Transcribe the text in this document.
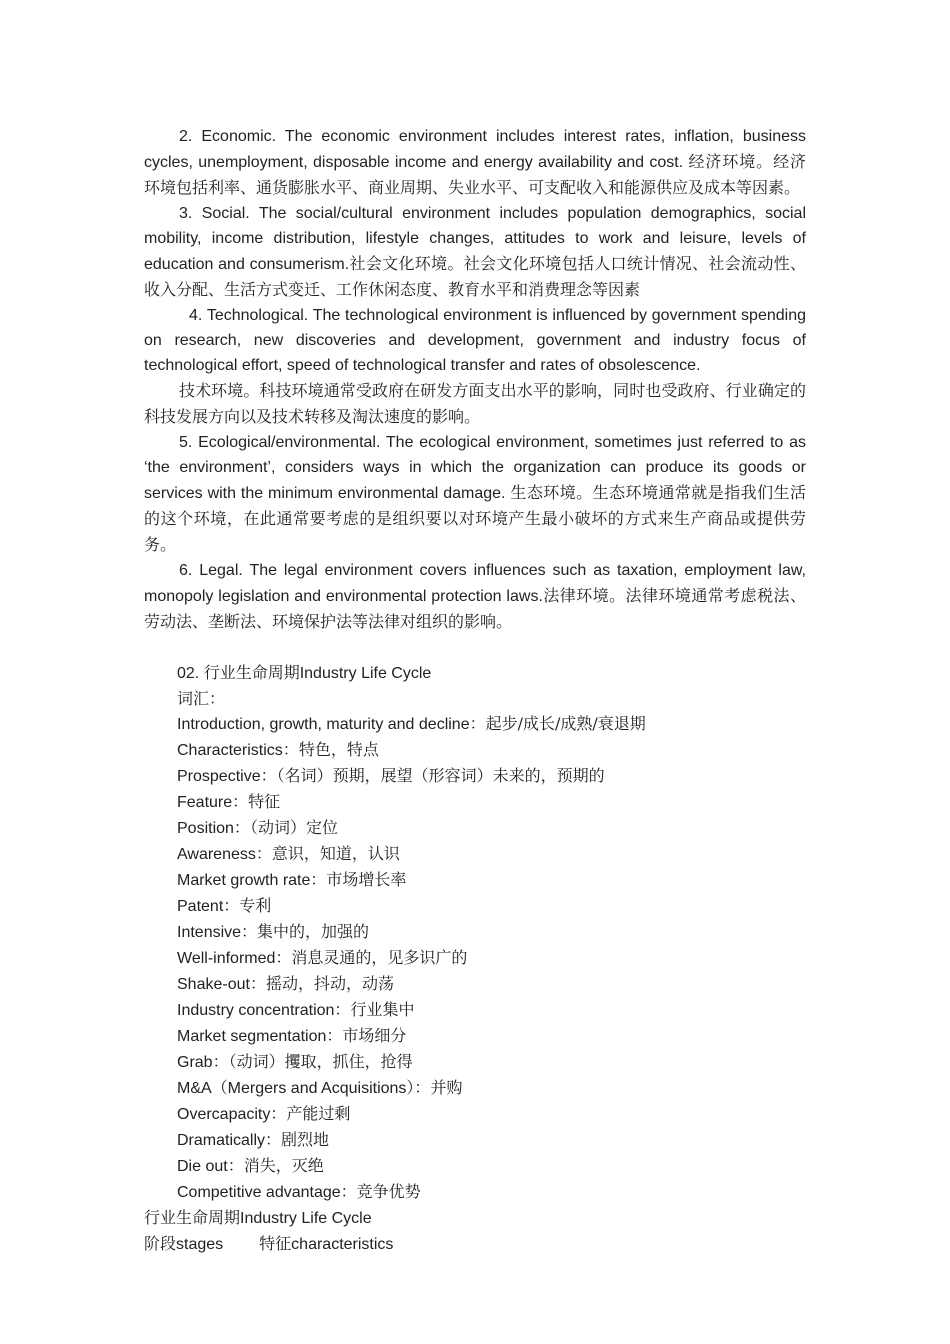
2. Economic. The economic environment includes interest rates, inflation, business cycles, unemployment, disposable income and energy availability and cost. 经济环境。经济环境包括利率、通货膨胀水平、商业周期、失业水平、可支配收入和能源供应及成本等因素。

3. Social. The social/cultural environment includes population demographics, social mobility, income distribution, lifestyle changes, attitudes to work and leisure, levels of education and consumerism.社会文化环境。社会文化环境包括人口统计情况、社会流动性、收入分配、生活方式变迁、工作休闲态度、教育水平和消费理念等因素

4. Technological. The technological environment is influenced by government spending on research, new discoveries and development, government and industry focus of technological effort, speed of technological transfer and rates of obsolescence.

技术环境。科技环境通常受政府在研发方面支出水平的影响，同时也受政府、行业确定的科技发展方向以及技术转移及淘汰速度的影响。

5. Ecological/environmental. The ecological environment, sometimes just referred to as ‘the environment’, considers ways in which the organization can produce its goods or services with the minimum environmental damage. 生态环境。生态环境通常就是指我们生活的这个环境，在此通常要考虑的是组织要以对环境产生最小破坏的方式来生产商品或提供劳务。

6. Legal. The legal environment covers influences such as taxation, employment law, monopoly legislation and environmental protection laws.法律环境。法律环境通常考虑税法、劳动法、垄断法、环境保护法等法律对组织的影响。

02. 行业生命周期Industry Life Cycle
词汇：
Introduction, growth, maturity and decline：起步/成长/成熟/衰退期
Characteristics：特色，特点
Prospective：（名词）预期，展望（形容词）未来的，预期的
Feature：特征
Position：（动词）定位
Awareness：意识，知道，认识
Market growth rate：市场增长率
Patent：专利
Intensive：集中的，加强的
Well-informed：消息灵通的，见多识广的
Shake-out：摇动，抖动，动荡
Industry concentration：行业集中
Market segmentation：市场细分
Grab：（动词）攫取，抓住，抢得
M&A（Mergers and Acquisitions）：并购
Overcapacity：产能过剩
Dramatically：剧烈地
Die out：消失，灭绝
Competitive advantage：竞争优势
行业生命周期Industry Life Cycle
阶段stages 特征characteristics
